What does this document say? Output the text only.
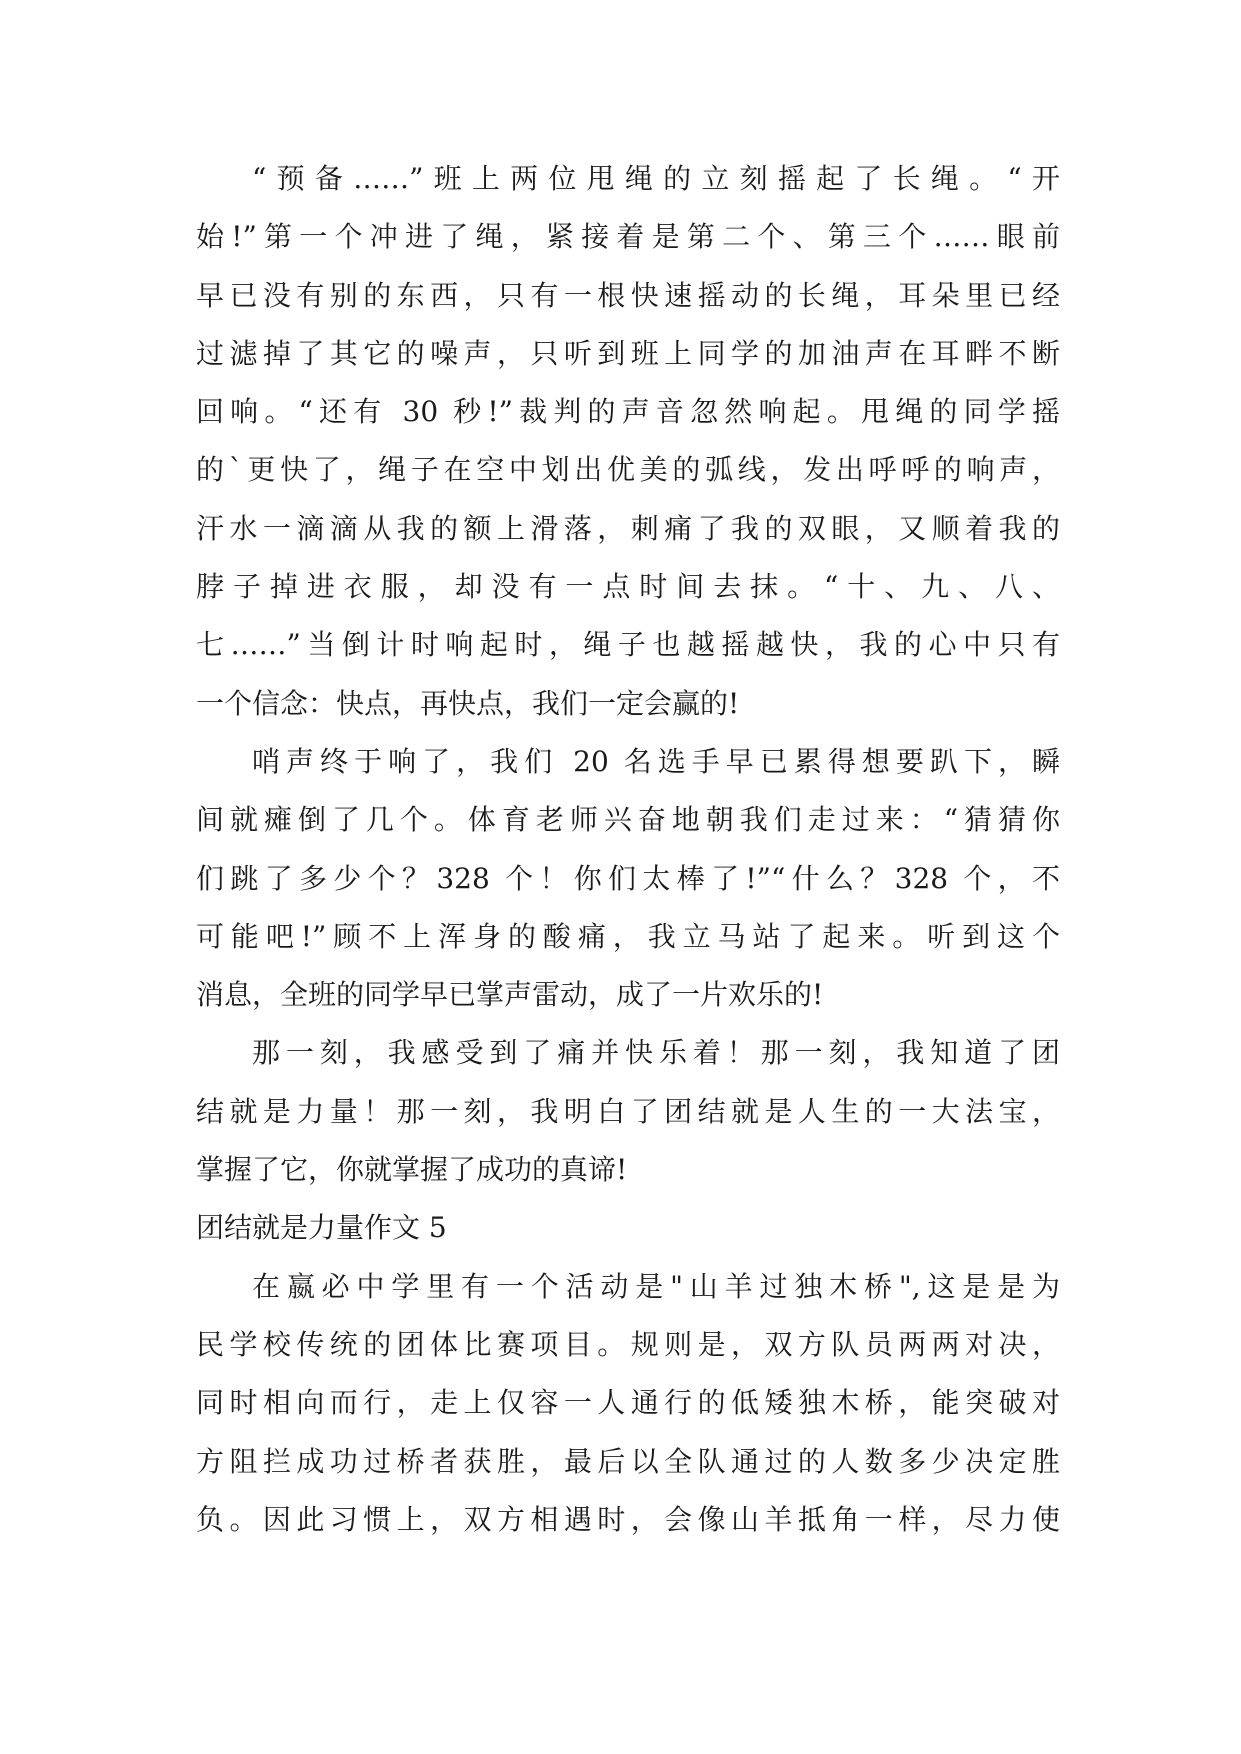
“预备……”班上两位甩绳的立刻摇起了长绳。“开
始!”第一个冲进了绳，紧接着是第二个、第三个……眼前
早已没有别的东西，只有一根快速摇动的长绳，耳朵里已经
过滤掉了其它的噪声，只听到班上同学的加油声在耳畔不断
回响。“还有 30 秒!”裁判的声音忽然响起。甩绳的同学摇
的`更快了，绳子在空中划出优美的弧线，发出呼呼的响声，
汗水一滴滴从我的额上滑落，刺痛了我的双眼，又顺着我的
脖子掉进衣服，却没有一点时间去抹。“十、九、八、
七……”当倒计时响起时，绳子也越摇越快，我的心中只有
一个信念：快点，再快点，我们一定会赢的!
哨声终于响了，我们 20 名选手早已累得想要趴下，瞬
间就瘫倒了几个。体育老师兴奋地朝我们走过来：“猜猜你
们跳了多少个？328 个！你们太棒了!”“什么？328 个，不
可能吧!”顾不上浑身的酸痛，我立马站了起来。听到这个
消息，全班的同学早已掌声雷动，成了一片欢乐的!
那一刻，我感受到了痛并快乐着！那一刻，我知道了团
结就是力量！那一刻，我明白了团结就是人生的一大法宝，
掌握了它，你就掌握了成功的真谛!
团结就是力量作文 5
在嬴必中学里有一个活动是"山羊过独木桥",这是是为
民学校传统的团体比赛项目。规则是，双方队员两两对决，
同时相向而行，走上仅容一人通行的低矮独木桥，能突破对
方阻拦成功过桥者获胜，最后以全队通过的人数多少决定胜
负。因此习惯上，双方相遇时，会像山羊抵角一样，尽力使
